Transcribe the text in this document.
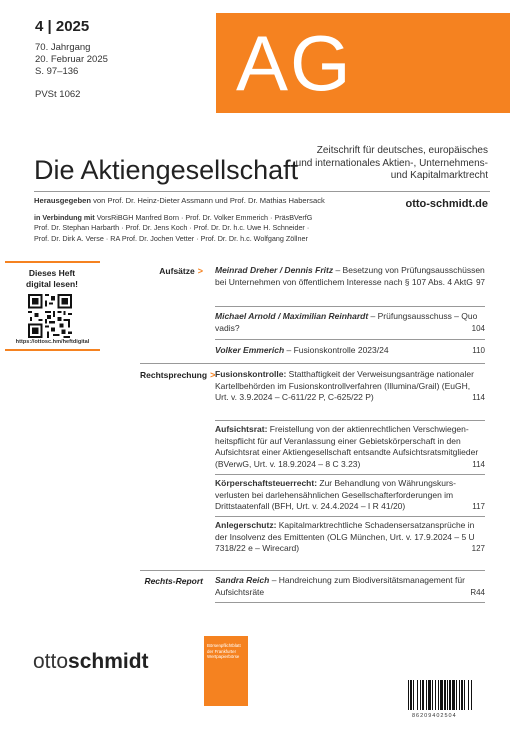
4 | 2025
70. Jahrgang
20. Februar 2025
S. 97–136
PVSt 1062 AG
Die Aktiengesellschaft
Zeitschrift für deutsches, europäisches
und internationales Aktien-, Unternehmens-
und Kapitalmarktrecht
Herausgegeben von Prof. Dr. Heinz-Dieter Assmann und Prof. Dr. Mathias Habersack
in Verbindung mit VorsRiBGH Manfred Born · Prof. Dr. Volker Emmerich · PräsBVerfG Prof. Dr. Stephan Harbarth · Prof. Dr. Jens Koch · Prof. Dr. Dr. h.c. Uwe H. Schneider · Prof. Dr. Dirk A. Verse · RA Prof. Dr. Jochen Vetter · Prof. Dr. Dr. h.c. Wolfgang Zöllner
otto-schmidt.de
Dieses Heft
digital lesen!
https://ottosc.hm/heftdigital
Aufsätze > Meinrad Dreher / Dennis Fritz – Besetzung von Prüfungsausschüssen bei Unternehmen von öffentlichem Interesse nach § 107 Abs. 4 AktG 97
Michael Arnold / Maximilian Reinhardt – Prüfungsausschuss – Quo vadis?	104
Volker Emmerich – Fusionskontrolle 2023/24	110
Rechtsprechung > Fusionskontrolle: Statthaftigkeit der Verweisungsanträge nationaler Kartellbehörden im Fusionskontrollverfahren (Illumina/Grail) (EuGH, Urt. v. 3.9.2024 – C-611/22 P, C-625/22 P)	114
Aufsichtsrat: Freistellung von der aktienrechtlichen Verschwiegenheitspflicht für auf Veranlassung einer Gebietskörperschaft in den Aufsichtsrat einer Aktiengesellschaft entsandte Aufsichtsratsmitglieder (BVerwG, Urt. v. 18.9.2024 – 8 C 3.23)	114
Körperschaftsteuerrecht: Zur Behandlung von Währungskursverlusten bei darlehensähnlichen Gesellschafterforderungen im Drittstaatenfall (BFH, Urt. v. 24.4.2024 – I R 41/20)	117
Anlegerschutz: Kapitalmarktrechtliche Schadensersatzansprüche in der Insolvenz des Emittenten (OLG München, Urt. v. 17.9.2024 – 5 U 7318/22 e – Wirecard)	127
Rechts-Report Sandra Reich – Handreichung zum Biodiversitätsmanagement für Aufsichtsräte	R44
ottoschmidt
Börsenpflichtblatt
der Frankfurter
Wertpapierbörse
86209402504
